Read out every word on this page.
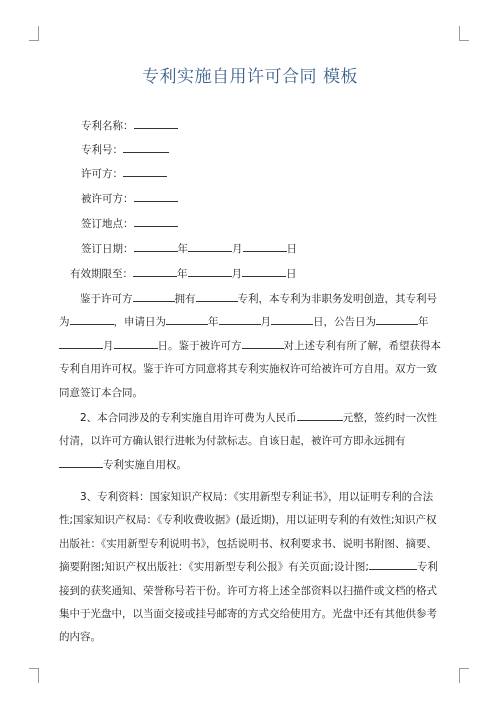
专利实施自用许可合同 模板
专利名称：
专利号：
许可方：
被许可方：
签订地点：
签订日期：	年	月	日
有效期限至：	年	月	日
鉴于许可方	拥有	专利，本专利为非职务发明创造，其专利号为	，申请日为	年	月	日，公告日为	年月	日。鉴于被许可方	对上述专利有所了解，希望获得本专利自用许可权。鉴于许可方同意将其专利实施权许可给被许可方自用。双方一致同意签订本合同。
2、本合同涉及的专利实施自用许可费为人民币	元整，签约时一次性付清，以许可方确认银行进帐为付款标志。自该日起，被许可方即永远拥有专利实施自用权。
3、专利资料：国家知识产权局：《实用新型专利证书》，用以证明专利的合法性;国家知识产权局：《专利收费收据》(最近期)，用以证明专利的有效性;知识产权出版社：《实用新型专利说明书》，包括说明书、权利要求书、说明书附图、摘要、摘要附图;知识产权出版社：《实用新型专利公报》有关页面;设计图;	专利接到的获奖通知、荣誉称号若干份。许可方将上述全部资料以扫描件或文档的格式集中于光盘中，以当面交接或挂号邮寄的方式交给使用方。光盘中还有其他供参考的内容。
